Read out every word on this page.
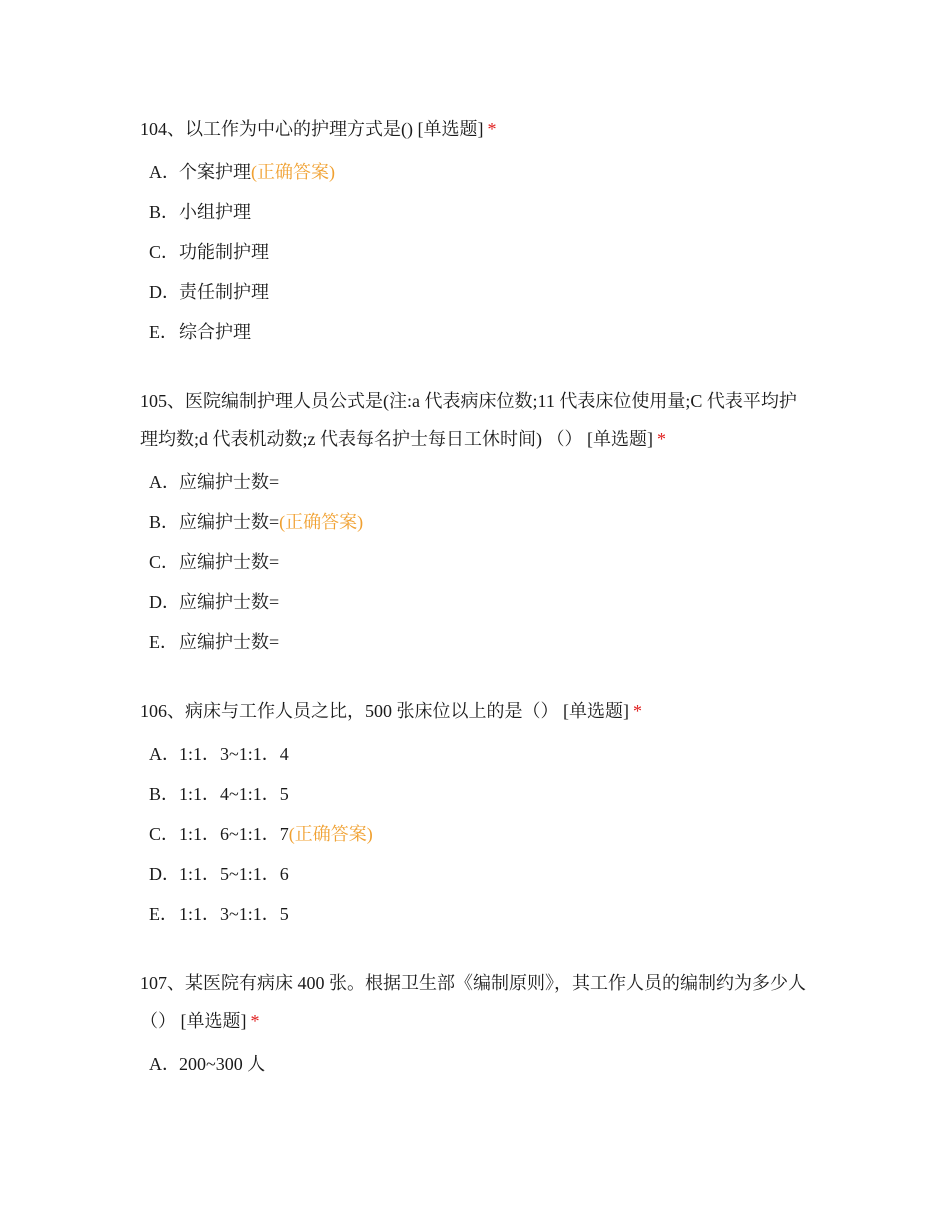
104、以工作为中心的护理方式是() [单选题] *

A．个案护理(正确答案)
B．小组护理
C．功能制护理
D．责任制护理
E．综合护理

105、医院编制护理人员公式是(注:a 代表病床位数;11 代表床位使用量;C 代表平均护理均数;d 代表机动数;z 代表每名护士每日工休时间) （） [单选题] *

A．应编护士数=
B．应编护士数=(正确答案)
C．应编护士数=
D．应编护士数=
E．应编护士数=

106、病床与工作人员之比，500 张床位以上的是（） [单选题] *

A．1:1．3~1:1．4
B．1:1．4~1:1．5
C．1:1．6~1:1．7(正确答案)
D．1:1．5~1:1．6
E．1:1．3~1:1．5

107、某医院有病床 400 张。根据卫生部《编制原则》，其工作人员的编制约为多少人（） [单选题] *

A．200~300 人
